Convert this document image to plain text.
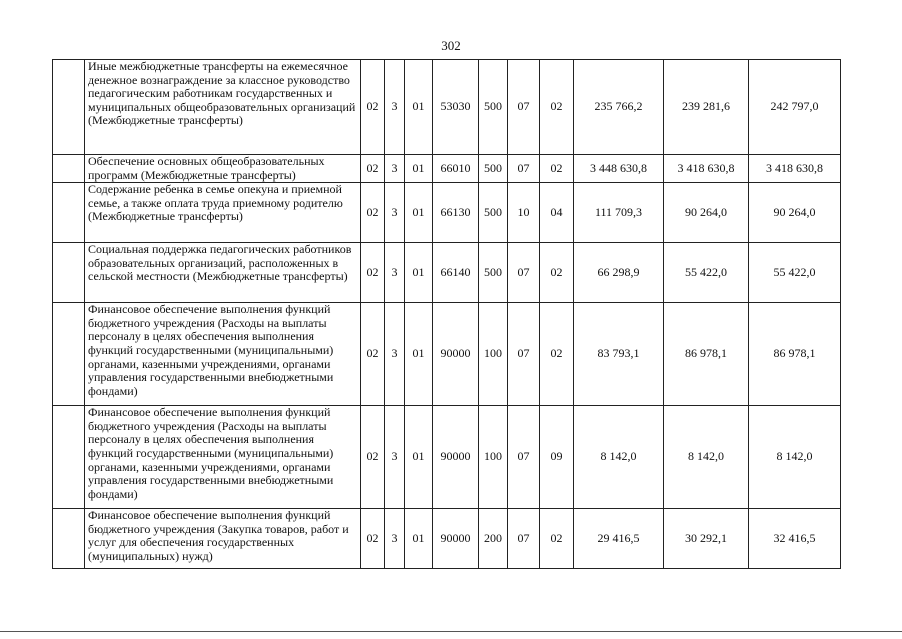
302
	Иные межбюджетные трансферты на ежемесячное денежное вознаграждение за классное руководство педагогическим работникам государственных и муниципальных общеобразовательных организаций (Межбюджетные трансферты)	02	3	01	53030	500	07	02	235 766,2	239 281,6	242 797,0
	Обеспечение основных общеобразовательных программ (Межбюджетные трансферты)	02	3	01	66010	500	07	02	3 448 630,8	3 418 630,8	3 418 630,8
	Содержание ребенка в семье опекуна и приемной семье, а также оплата труда приемному родителю (Межбюджетные трансферты)	02	3	01	66130	500	10	04	111 709,3	90 264,0	90 264,0
	Социальная поддержка педагогических работников образовательных организаций, расположенных в сельской местности (Межбюджетные трансферты)	02	3	01	66140	500	07	02	66 298,9	55 422,0	55 422,0
	Финансовое обеспечение выполнения функций бюджетного учреждения (Расходы на выплаты персоналу в целях обеспечения выполнения функций государственными (муниципальными) органами, казенными учреждениями, органами управления государственными внебюджетными фондами)	02	3	01	90000	100	07	02	83 793,1	86 978,1	86 978,1
	Финансовое обеспечение выполнения функций бюджетного учреждения (Расходы на выплаты персоналу в целях обеспечения выполнения функций государственными (муниципальными) органами, казенными учреждениями, органами управления государственными внебюджетными фондами)	02	3	01	90000	100	07	09	8 142,0	8 142,0	8 142,0
	Финансовое обеспечение выполнения функций бюджетного учреждения (Закупка товаров, работ и услуг для обеспечения государственных (муниципальных) нужд)	02	3	01	90000	200	07	02	29 416,5	30 292,1	32 416,5
